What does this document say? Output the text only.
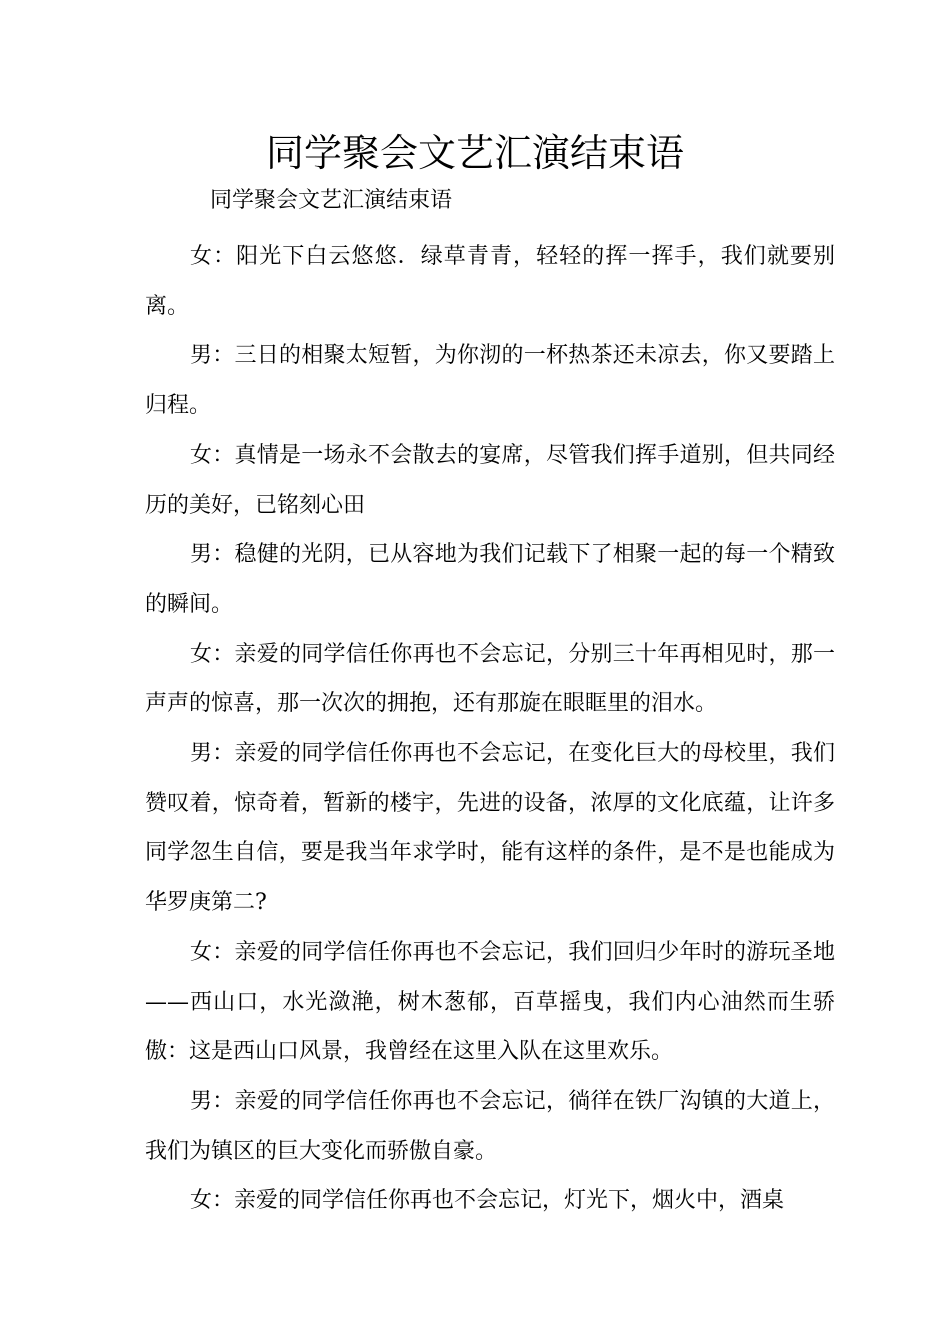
同学聚会文艺汇演结束语

同学聚会文艺汇演结束语

女：阳光下白云悠悠．绿草青青，轻轻的挥一挥手，我们就要别离。

男：三日的相聚太短暂，为你沏的一杯热茶还未凉去，你又要踏上归程。

女：真情是一场永不会散去的宴席，尽管我们挥手道别，但共同经历的美好，已铭刻心田

男：稳健的光阴，已从容地为我们记载下了相聚一起的每一个精致的瞬间。

女：亲爱的同学信任你再也不会忘记，分别三十年再相见时，那一声声的惊喜，那一次次的拥抱，还有那旋在眼眶里的泪水。

男：亲爱的同学信任你再也不会忘记，在变化巨大的母校里，我们赞叹着，惊奇着，暂新的楼宇，先进的设备，浓厚的文化底蕴，让许多同学忽生自信，要是我当年求学时，能有这样的条件，是不是也能成为华罗庚第二?

女：亲爱的同学信任你再也不会忘记，我们回归少年时的游玩圣地——西山口，水光潋滟，树木葱郁，百草摇曳，我们内心油然而生骄傲：这是西山口风景，我曾经在这里入队在这里欢乐。

男：亲爱的同学信任你再也不会忘记，徜徉在铁厂沟镇的大道上，我们为镇区的巨大变化而骄傲自豪。

女：亲爱的同学信任你再也不会忘记，灯光下，烟火中，酒桌
